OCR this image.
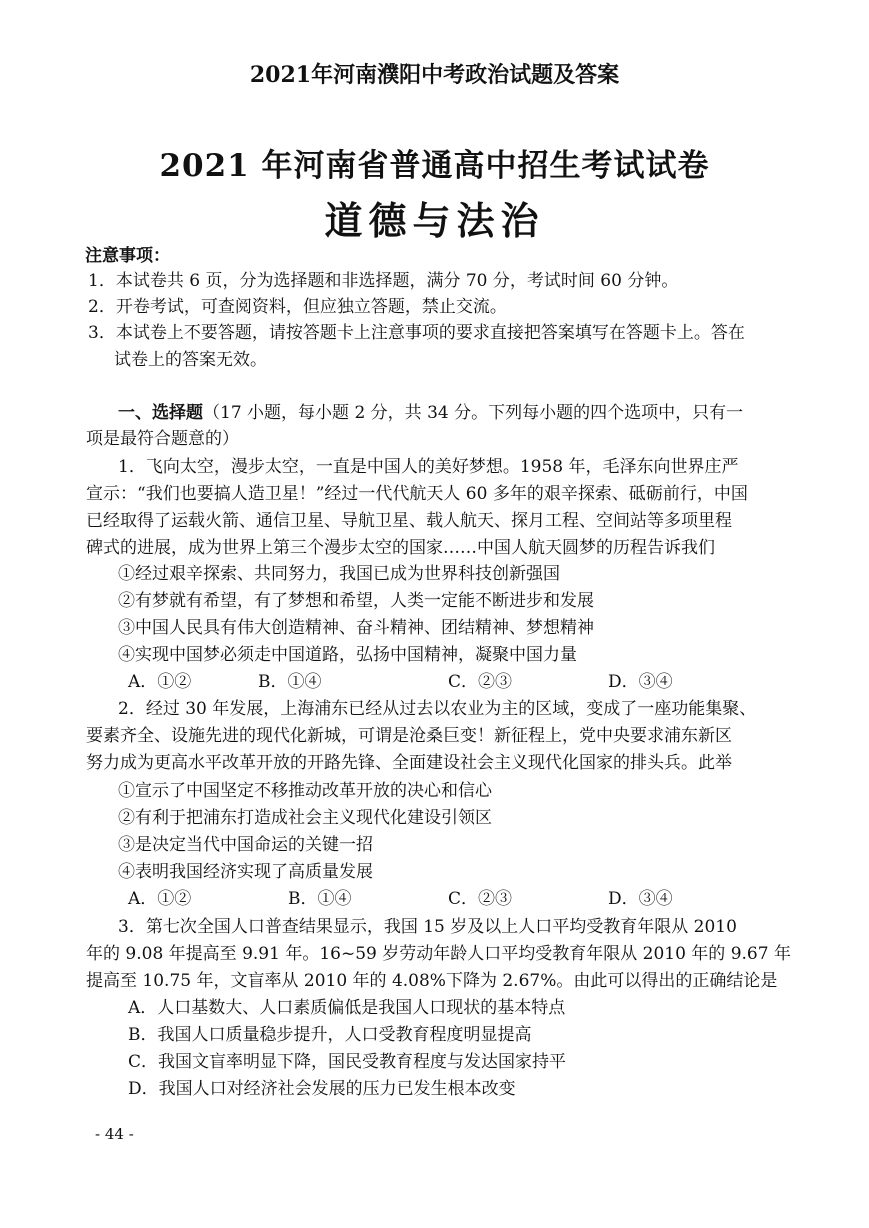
2021年河南濮阳中考政治试题及答案
2021 年河南省普通高中招生考试试卷
道德与法治
注意事项：
1．本试卷共 6 页，分为选择题和非选择题，满分 70 分，考试时间 60 分钟。
2．开卷考试，可查阅资料，但应独立答题，禁止交流。
3．本试卷上不要答题，请按答题卡上注意事项的要求直接把答案填写在答题卡上。答在
试卷上的答案无效。
一、选择题（17 小题，每小题 2 分，共 34 分。下列每小题的四个选项中，只有一
项是最符合题意的）
1．飞向太空，漫步太空，一直是中国人的美好梦想。1958 年，毛泽东向世界庄严
宣示：“我们也要搞人造卫星！”经过一代代航天人 60 多年的艰辛探索、砥砺前行，中国
已经取得了运载火箭、通信卫星、导航卫星、载人航天、探月工程、空间站等多项里程
碑式的进展，成为世界上第三个漫步太空的国家……中国人航天圆梦的历程告诉我们
①经过艰辛探索、共同努力，我国已成为世界科技创新强国
②有梦就有希望，有了梦想和希望，人类一定能不断进步和发展
③中国人民具有伟大创造精神、奋斗精神、团结精神、梦想精神
④实现中国梦必须走中国道路，弘扬中国精神，凝聚中国力量
A．①②	B．①④	C．②③	D．③④
2．经过 30 年发展，上海浦东已经从过去以农业为主的区域，变成了一座功能集聚、
要素齐全、设施先进的现代化新城，可谓是沧桑巨变！新征程上，党中央要求浦东新区
努力成为更高水平改革开放的开路先锋、全面建设社会主义现代化国家的排头兵。此举
①宣示了中国坚定不移推动改革开放的决心和信心
②有利于把浦东打造成社会主义现代化建设引领区
③是决定当代中国命运的关键一招
④表明我国经济实现了高质量发展
A．①②	B．①④	C．②③	D．③④
3．第七次全国人口普查结果显示，我国 15 岁及以上人口平均受教育年限从 2010
年的 9.08 年提高至 9.91 年。16~59 岁劳动年龄人口平均受教育年限从 2010 年的 9.67 年
提高至 10.75 年，文盲率从 2010 年的 4.08%下降为 2.67%。由此可以得出的正确结论是
A．人口基数大、人口素质偏低是我国人口现状的基本特点
B．我国人口质量稳步提升，人口受教育程度明显提高
C．我国文盲率明显下降，国民受教育程度与发达国家持平
D．我国人口对经济社会发展的压力已发生根本改变
- 44 -
